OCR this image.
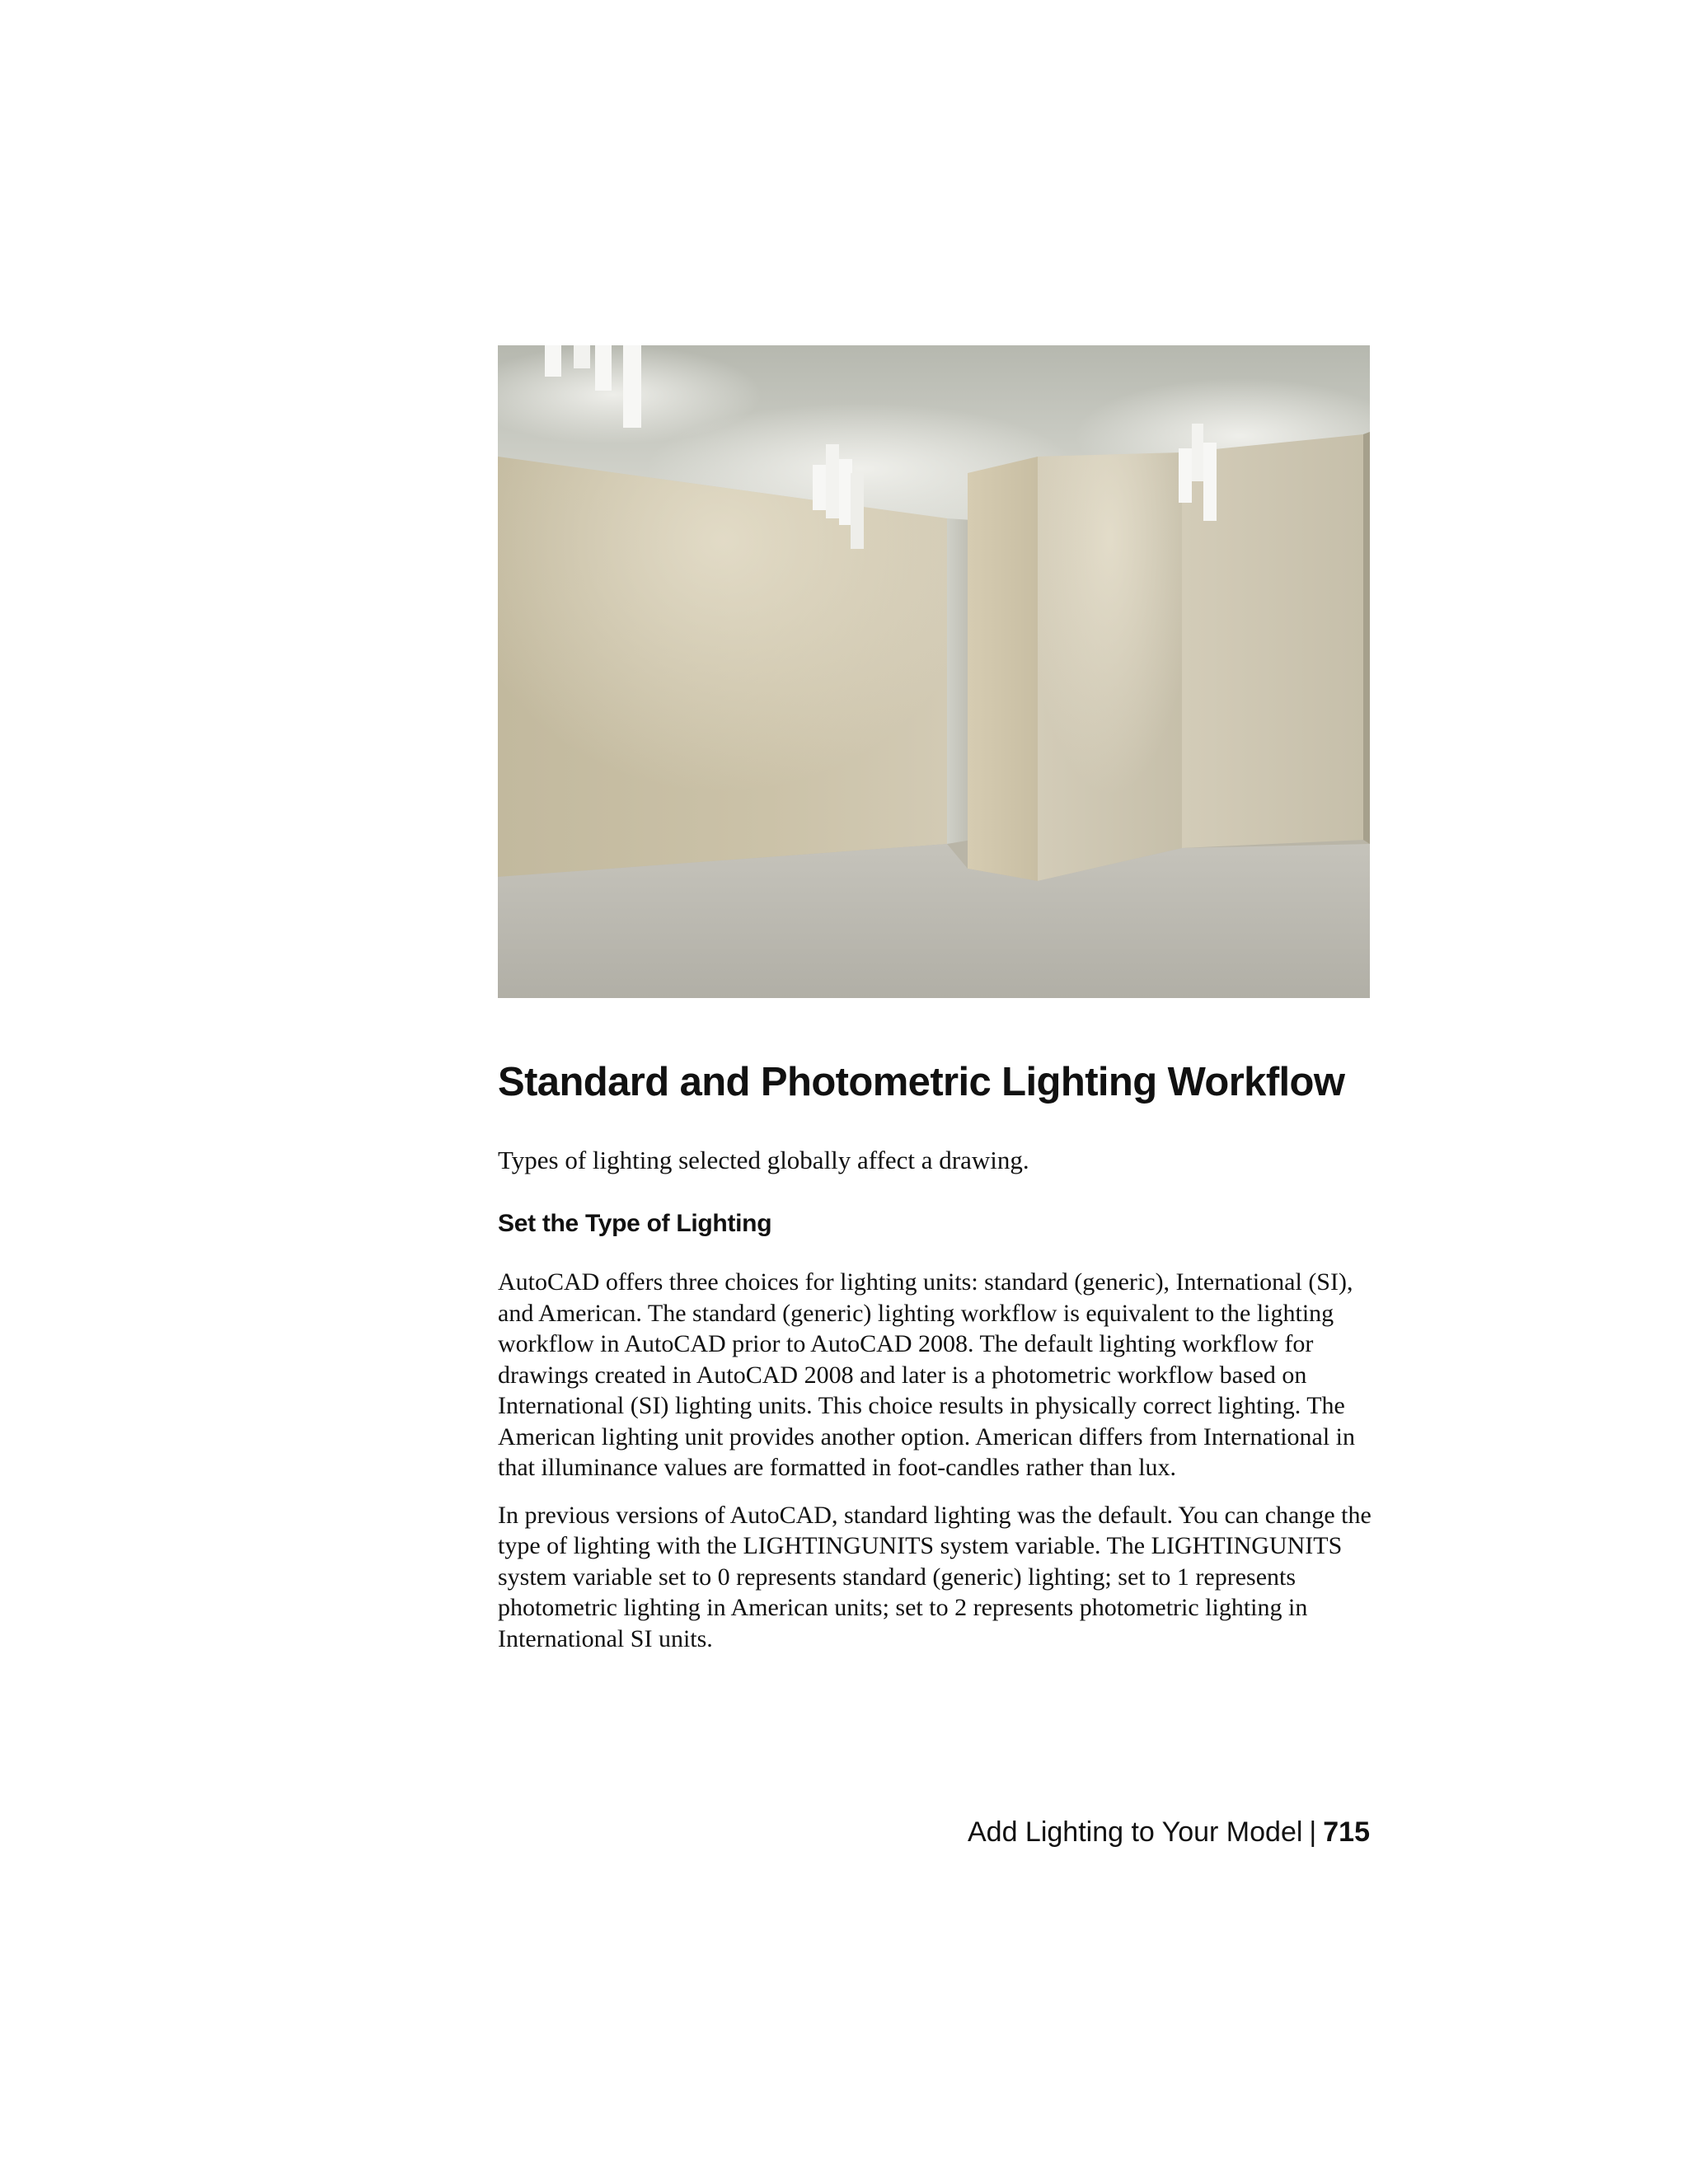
Standard and Photometric Lighting Workflow

Types of lighting selected globally affect a drawing.

Set the Type of Lighting

AutoCAD offers three choices for lighting units: standard (generic), International (SI), and American. The standard (generic) lighting workflow is equivalent to the lighting workflow in AutoCAD prior to AutoCAD 2008. The default lighting workflow for drawings created in AutoCAD 2008 and later is a photometric workflow based on International (SI) lighting units. This choice results in physically correct lighting. The American lighting unit provides another option. American differs from International in that illuminance values are formatted in foot-candles rather than lux.

In previous versions of AutoCAD, standard lighting was the default. You can change the type of lighting with the LIGHTINGUNITS system variable. The LIGHTINGUNITS system variable set to 0 represents standard (generic) lighting; set to 1 represents photometric lighting in American units; set to 2 represents photometric lighting in International SI units.

Add Lighting to Your Model | 715
